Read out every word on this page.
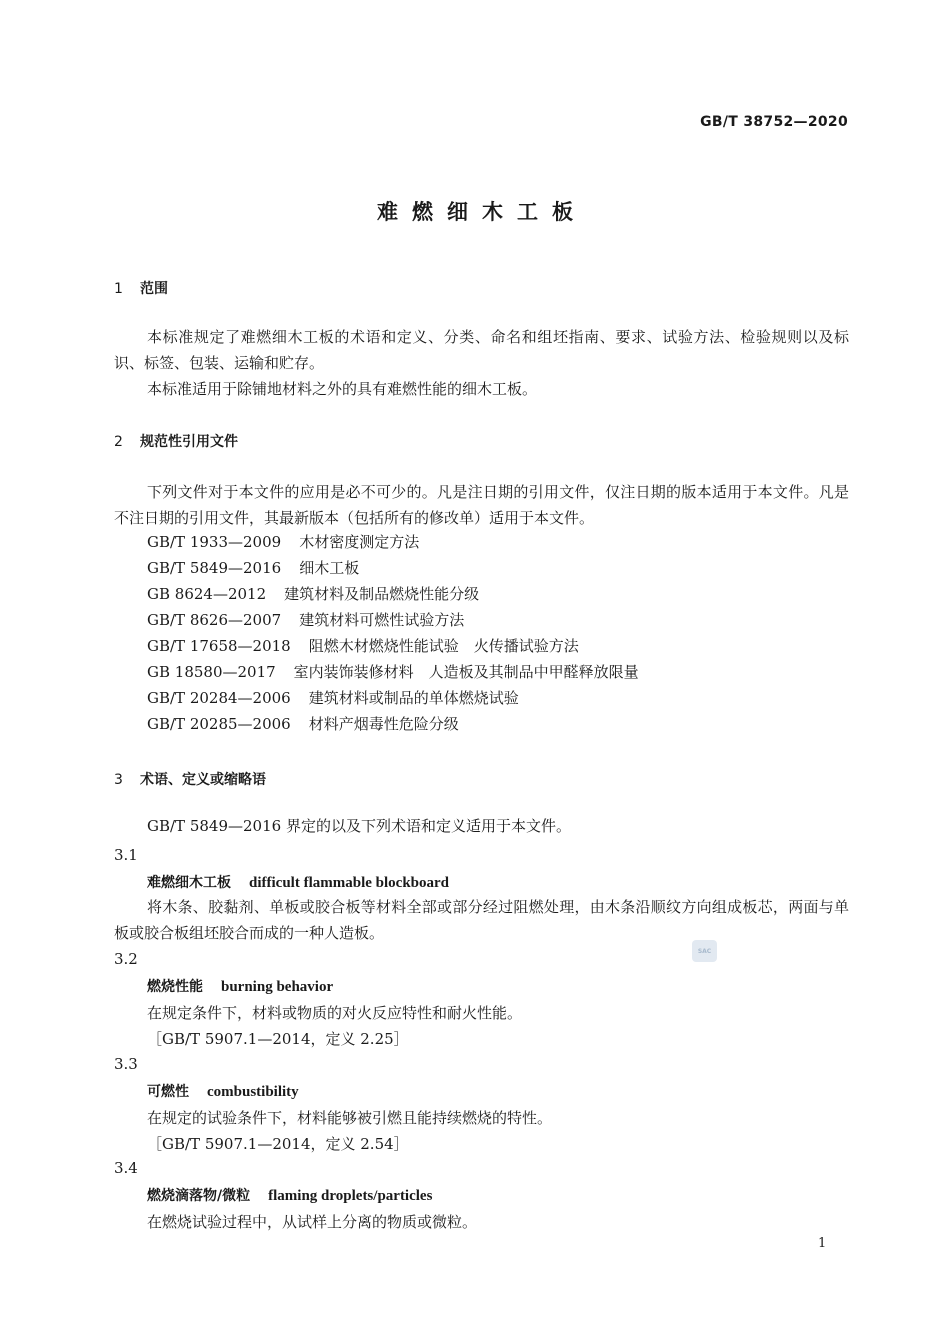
GB/T 38752—2020
难燃细木工板
1 范围
本标准规定了难燃细木工板的术语和定义、分类、命名和组坯指南、要求、试验方法、检验规则以及标识、标签、包装、运输和贮存。
本标准适用于除铺地材料之外的具有难燃性能的细木工板。
2 规范性引用文件
下列文件对于本文件的应用是必不可少的。凡是注日期的引用文件，仅注日期的版本适用于本文件。凡是不注日期的引用文件，其最新版本（包括所有的修改单）适用于本文件。
GB/T 1933—2009 木材密度测定方法
GB/T 5849—2016 细木工板
GB 8624—2012 建筑材料及制品燃烧性能分级
GB/T 8626—2007 建筑材料可燃性试验方法
GB/T 17658—2018 阻燃木材燃烧性能试验　火传播试验方法
GB 18580—2017 室内装饰装修材料　人造板及其制品中甲醛释放限量
GB/T 20284—2006 建筑材料或制品的单体燃烧试验
GB/T 20285—2006 材料产烟毒性危险分级
3 术语、定义或缩略语
GB/T 5849—2016 界定的以及下列术语和定义适用于本文件。
3.1
难燃细木工板 difficult flammable blockboard
将木条、胶黏剂、单板或胶合板等材料全部或部分经过阻燃处理，由木条沿顺纹方向组成板芯，两面与单板或胶合板组坯胶合而成的一种人造板。
3.2
燃烧性能 burning behavior
在规定条件下，材料或物质的对火反应特性和耐火性能。
［GB/T 5907.1—2014，定义 2.25］
3.3
可燃性 combustibility
在规定的试验条件下，材料能够被引燃且能持续燃烧的特性。
［GB/T 5907.1—2014，定义 2.54］
3.4
燃烧滴落物/微粒 flaming droplets/particles
在燃烧试验过程中，从试样上分离的物质或微粒。
SAC
1
